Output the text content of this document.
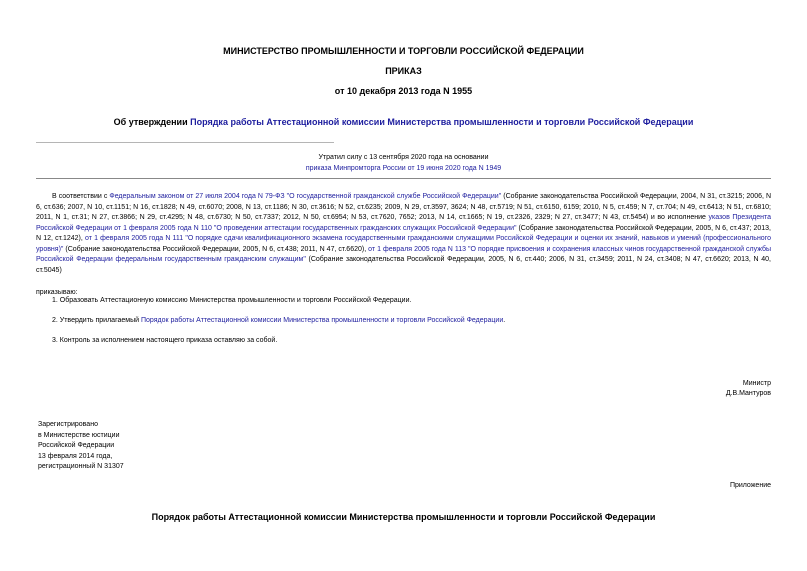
МИНИСТЕРСТВО ПРОМЫШЛЕННОСТИ И ТОРГОВЛИ РОССИЙСКОЙ ФЕДЕРАЦИИ
ПРИКАЗ
от 10 декабря 2013 года N 1955
Об утверждении Порядка работы Аттестационной комиссии Министерства промышленности и торговли Российской Федерации
Утратил силу с 13 сентября 2020 года на основании
приказа Минпромторга России от 19 июня 2020 года N 1949
В соответствии с Федеральным законом от 27 июля 2004 года N 79-ФЗ "О государственной гражданской службе Российской Федерации" (Собрание законодательства Российской Федерации, 2004, N 31, ст.3215; 2006, N 6, ст.636; 2007, N 10, ст.1151; N 16, ст.1828; N 49, ст.6070; 2008, N 13, ст.1186; N 30, ст.3616; N 52, ст.6235; 2009, N 29, ст.3597, 3624; N 48, ст.5719; N 51, ст.6150, 6159; 2010, N 5, ст.459; N 7, ст.704; N 49, ст.6413; N 51, ст.6810; 2011, N 1, ст.31; N 27, ст.3866; N 29, ст.4295; N 48, ст.6730; N 50, ст.7337; 2012, N 50, ст.6954; N 53, ст.7620, 7652; 2013, N 14, ст.1665; N 19, ст.2326, 2329; N 27, ст.3477; N 43, ст.5454) и во исполнение указов Президента Российской Федерации от 1 февраля 2005 года N 110 "О проведении аттестации государственных гражданских служащих Российской Федерации" (Собрание законодательства Российской Федерации, 2005, N 6, ст.437; 2013, N 12, ст.1242), от 1 февраля 2005 года N 111 "О порядке сдачи квалификационного экзамена государственными гражданскими служащими Российской Федерации и оценки их знаний, навыков и умений (профессионального уровня)" (Собрание законодательства Российской Федерации, 2005, N 6, ст.438; 2011, N 47, ст.6620), от 1 февраля 2005 года N 113 "О порядке присвоения и сохранения классных чинов государственной гражданской службы Российской Федерации федеральным государственным гражданским служащим" (Собрание законодательства Российской Федерации, 2005, N 6, ст.440; 2006, N 31, ст.3459; 2011, N 24, ст.3408; N 47, ст.6620; 2013, N 40, ст.5045)
приказываю:
1. Образовать Аттестационную комиссию Министерства промышленности и торговли Российской Федерации.
2. Утвердить прилагаемый Порядок работы Аттестационной комиссии Министерства промышленности и торговли Российской Федерации.
3. Контроль за исполнением настоящего приказа оставляю за собой.
Министр
Д.В.Мантуров
Зарегистрировано
в Министерстве юстиции
Российской Федерации
13 февраля 2014 года,
регистрационный N 31307
Приложение
Порядок работы Аттестационной комиссии Министерства промышленности и торговли Российской Федерации
